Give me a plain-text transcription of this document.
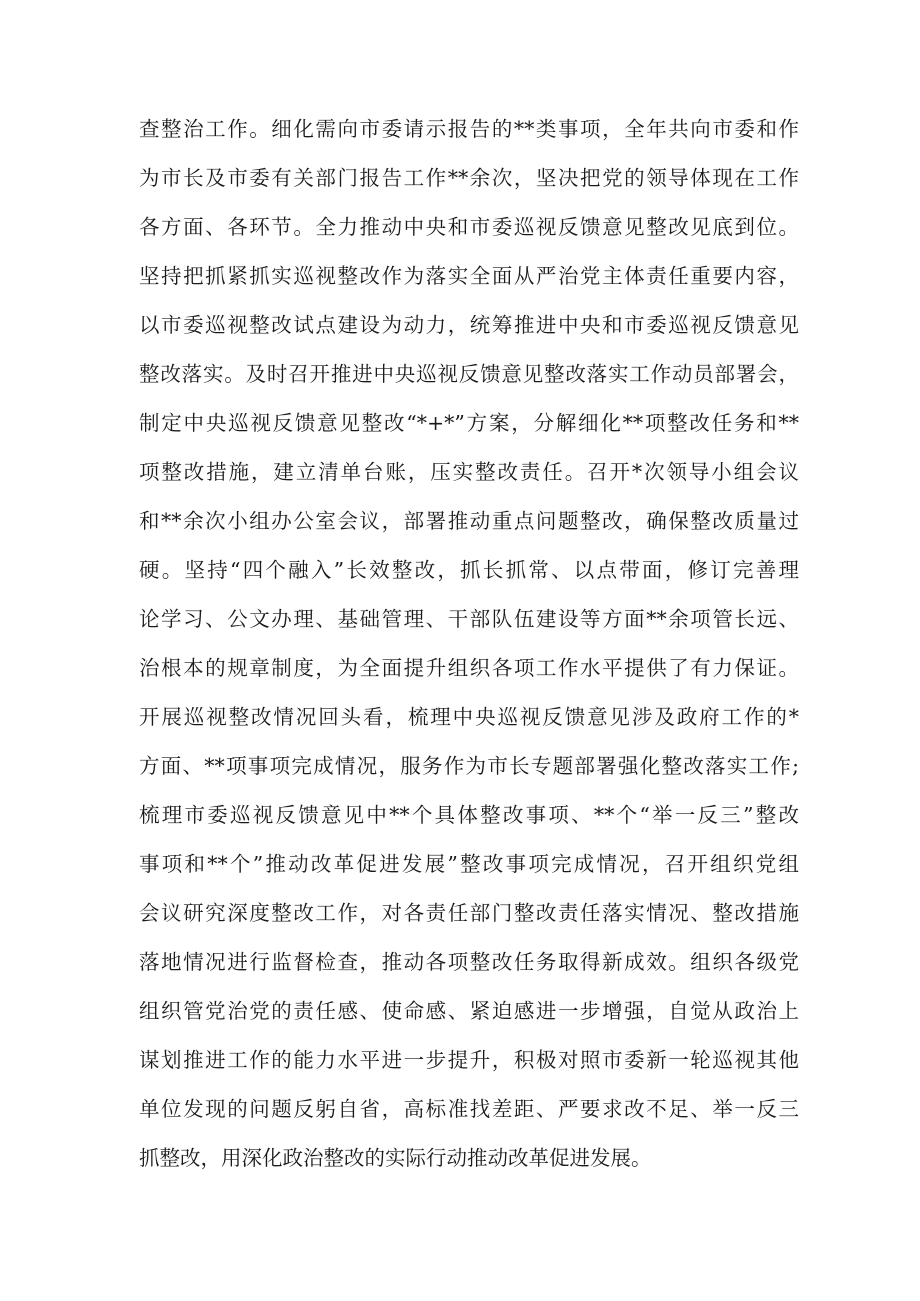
查整治工作。细化需向市委请示报告的**类事项，全年共向市委和作
为市长及市委有关部门报告工作**余次，坚决把党的领导体现在工作
各方面、各环节。全力推动中央和市委巡视反馈意见整改见底到位。
坚持把抓紧抓实巡视整改作为落实全面从严治党主体责任重要内容，
以市委巡视整改试点建设为动力，统筹推进中央和市委巡视反馈意见
整改落实。及时召开推进中央巡视反馈意见整改落实工作动员部署会，
制定中央巡视反馈意见整改“*+*”方案，分解细化**项整改任务和**
项整改措施，建立清单台账，压实整改责任。召开*次领导小组会议
和**余次小组办公室会议，部署推动重点问题整改，确保整改质量过
硬。坚持“四个融入”长效整改，抓长抓常、以点带面，修订完善理
论学习、公文办理、基础管理、干部队伍建设等方面**余项管长远、
治根本的规章制度，为全面提升组织各项工作水平提供了有力保证。
开展巡视整改情况回头看，梳理中央巡视反馈意见涉及政府工作的*
方面、**项事项完成情况，服务作为市长专题部署强化整改落实工作;
梳理市委巡视反馈意见中**个具体整改事项、**个“举一反三”整改
事项和**个”推动改革促进发展”整改事项完成情况，召开组织党组
会议研究深度整改工作，对各责任部门整改责任落实情况、整改措施
落地情况进行监督检查，推动各项整改任务取得新成效。组织各级党
组织管党治党的责任感、使命感、紧迫感进一步增强，自觉从政治上
谋划推进工作的能力水平进一步提升，积极对照市委新一轮巡视其他
单位发现的问题反躬自省，高标准找差距、严要求改不足、举一反三
抓整改，用深化政治整改的实际行动推动改革促进发展。
